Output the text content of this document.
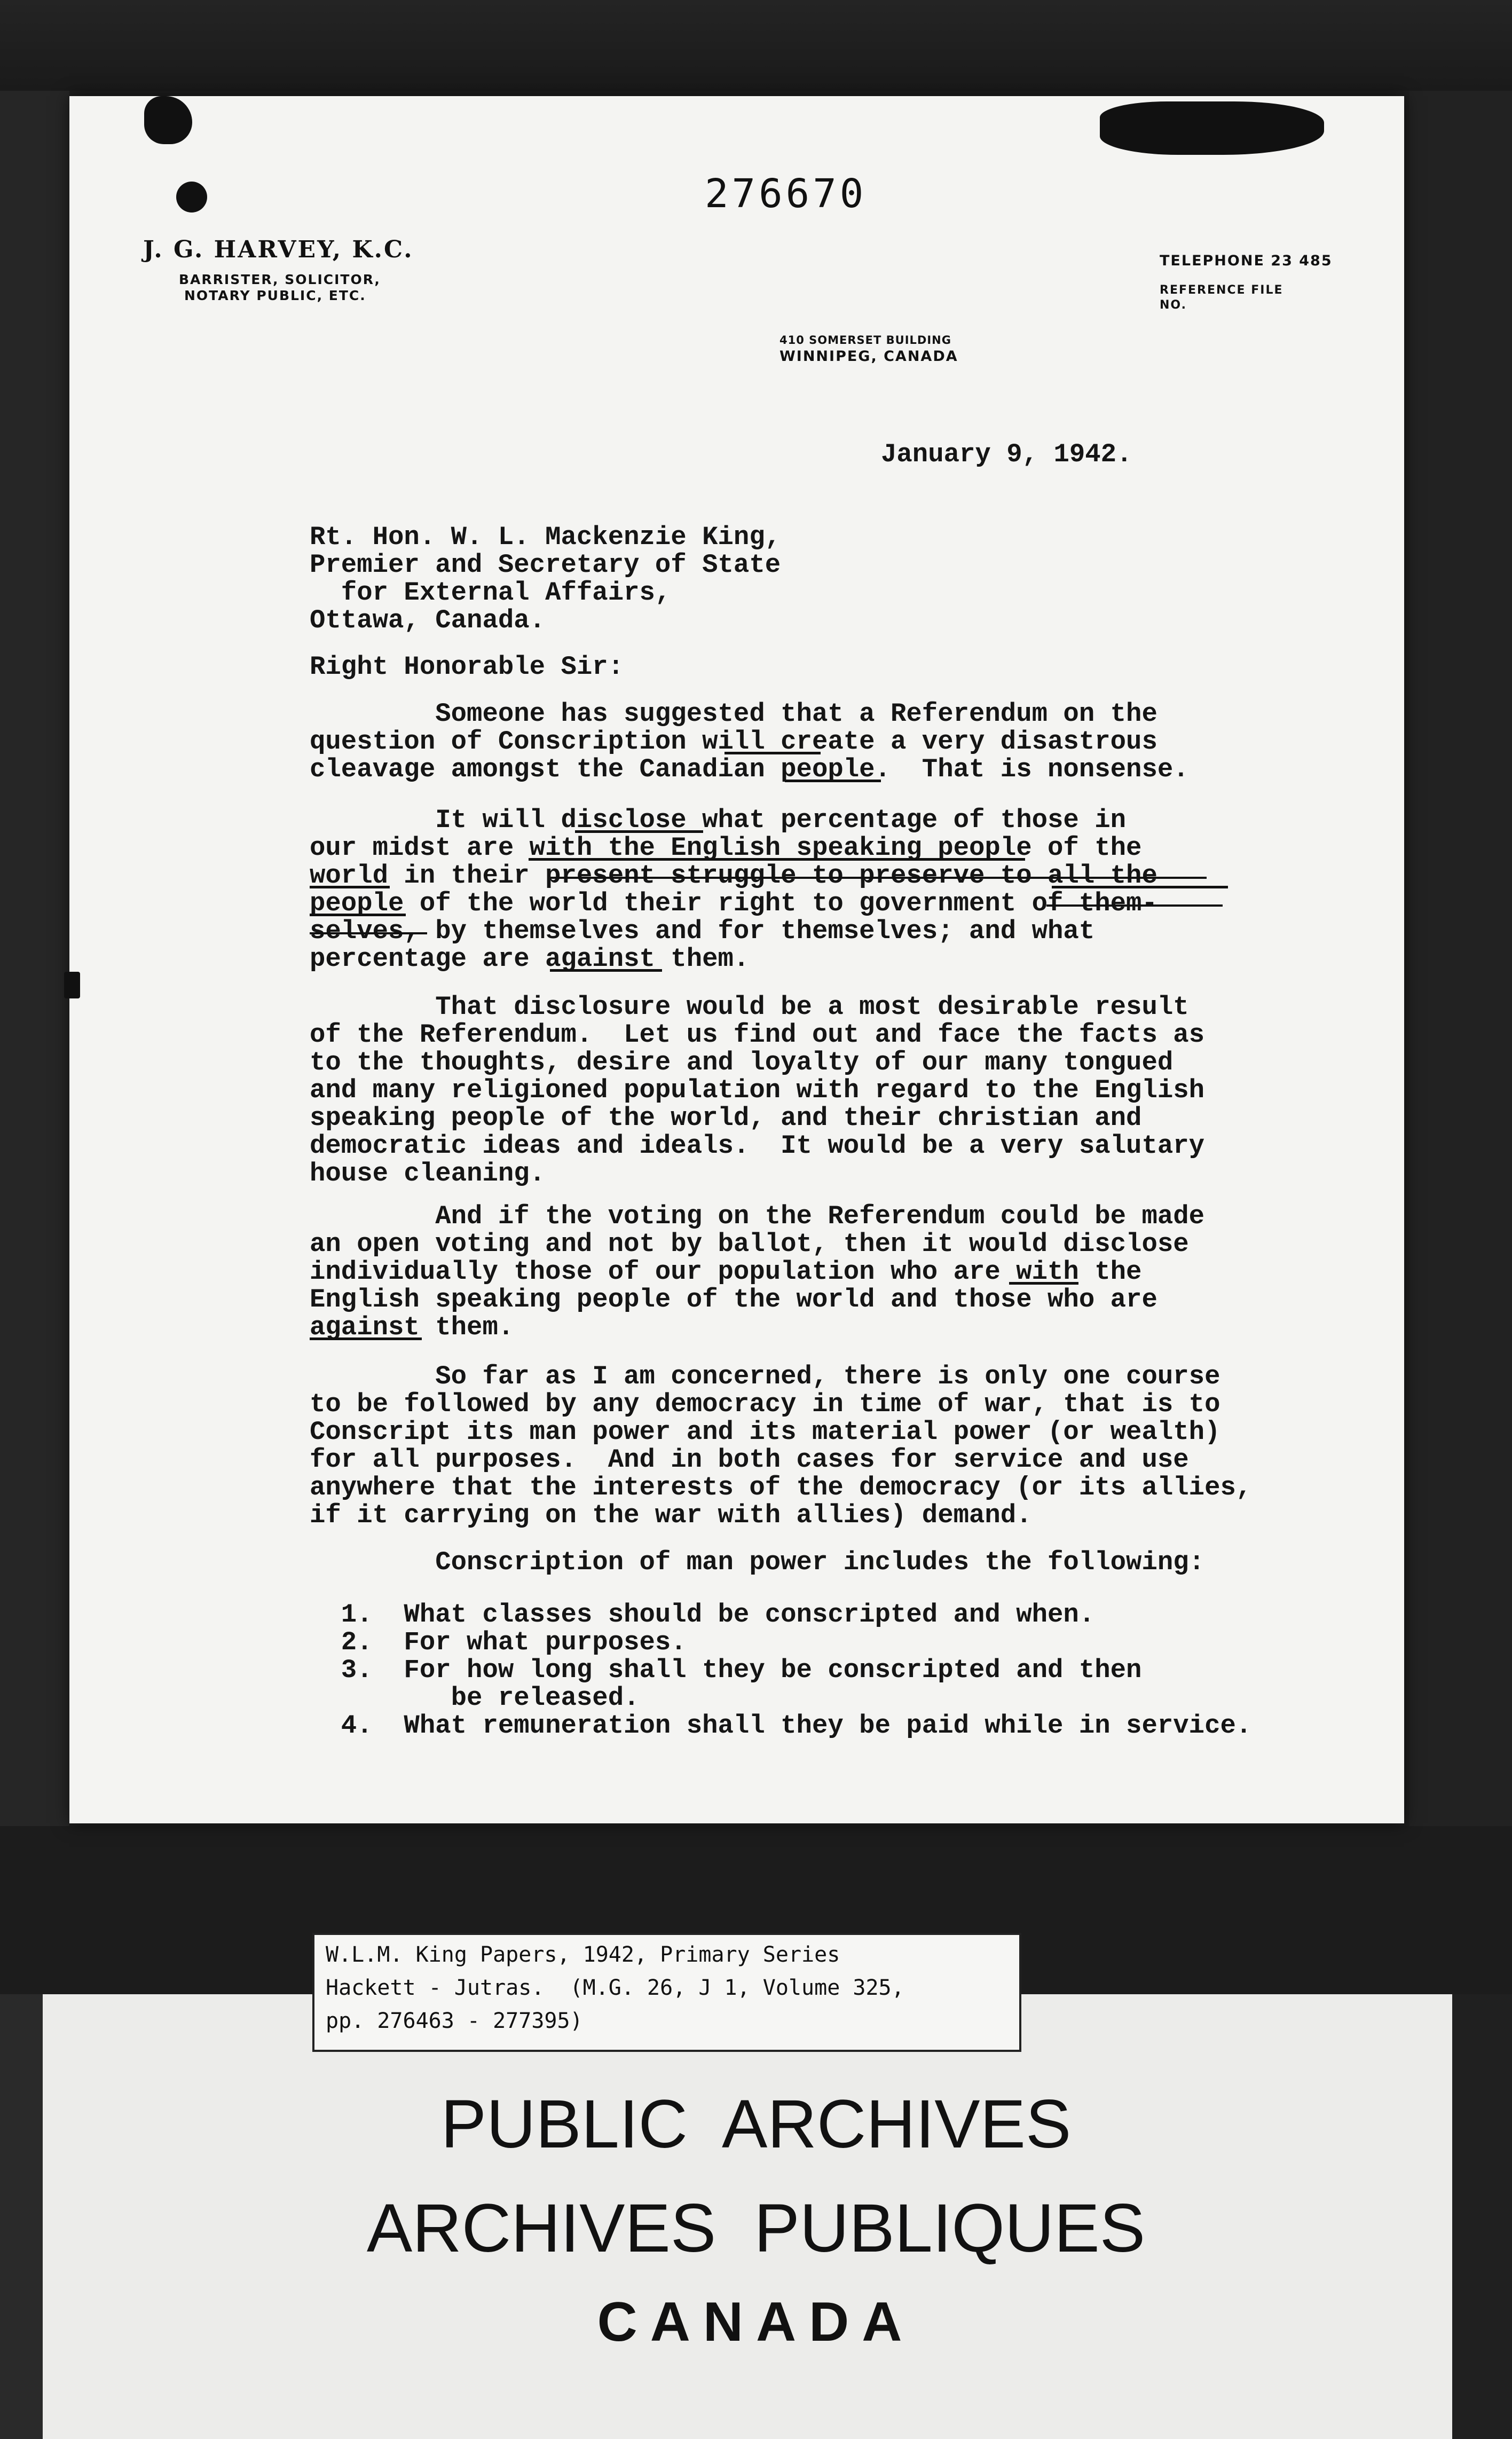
276670
J. G. HARVEY, K.C.
BARRISTER, SOLICITOR,
NOTARY PUBLIC, ETC.
TELEPHONE 23 485
REFERENCE FILE
NO.
410 SOMERSET BUILDING
WINNIPEG, CANADA
January 9, 1942.
Rt. Hon. W. L. Mackenzie King,
Premier and Secretary of State
for External Affairs,
Ottawa, Canada.
Right Honorable Sir:
Someone has suggested that a Referendum on the
question of Conscription will create a very disastrous
cleavage amongst the Canadian people.  That is nonsense.
It will disclose what percentage of those in
our midst are with the English speaking people of the
world in their present struggle to preserve to all the
people of the world their right to government of them-
selves, by themselves and for themselves; and what
percentage are against them.
That disclosure would be a most desirable result
of the Referendum.  Let us find out and face the facts as
to the thoughts, desire and loyalty of our many tongued
and many religioned population with regard to the English
speaking people of the world, and their christian and
democratic ideas and ideals.  It would be a very salutary
house cleaning.
And if the voting on the Referendum could be made
an open voting and not by ballot, then it would disclose
individually those of our population who are with the
English speaking people of the world and those who are
against them.
So far as I am concerned, there is only one course
to be followed by any democracy in time of war, that is to
Conscript its man power and its material power (or wealth)
for all purposes.  And in both cases for service and use
anywhere that the interests of the democracy (or its allies,
if it carrying on the war with allies) demand.
Conscription of man power includes the following:
1.  What classes should be conscripted and when.
2.  For what purposes.
3.  For how long shall they be conscripted and then
be released.
4.  What remuneration shall they be paid while in service.
W.L.M. King Papers, 1942, Primary Series
Hackett - Jutras.  (M.G. 26, J 1, Volume 325,
pp. 276463 - 277395)
PUBLIC  ARCHIVES
ARCHIVES  PUBLIQUES
CANADA
